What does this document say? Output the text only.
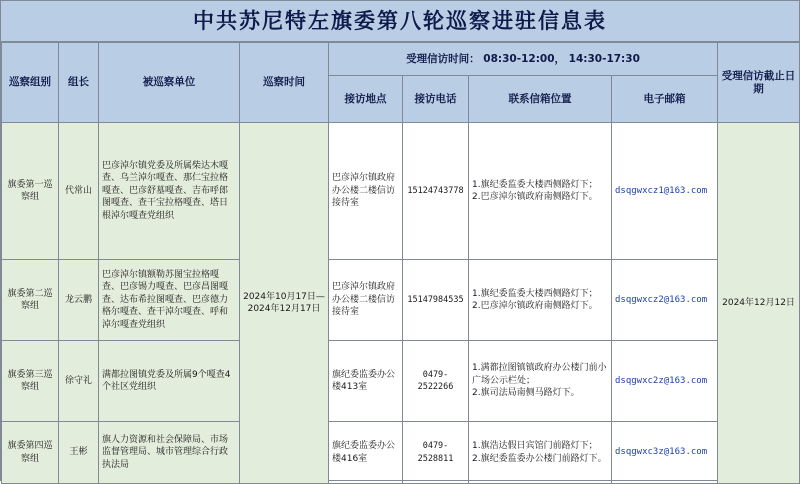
中共苏尼特左旗委第八轮巡察进驻信息表
巡察组别	组长	被巡察单位	巡察时间	受理信访时间： 08:30-12:00， 14:30-17:30				受理信访截止日期
				接访地点	接访电话	联系信箱位置	电子邮箱	
旗委第一巡察组	代常山	巴彦淖尔镇党委及所属柴达木嘎查、乌兰淖尔嘎查、那仁宝拉格嘎查、巴彦舒墓嘎查、吉布呼郎图嘎查、查干宝拉格嘎查、塔日根淖尔嘎查党组织	2024年10月17日—2024年12月17日	巴彦淖尔镇政府办公楼二楼信访接待室	15124743778	1.旗纪委监委大楼西侧路灯下；
2.巴彦淖尔镇政府南侧路灯下。	dsqgwxcz1@163.com	2024年12月12日
旗委第二巡察组	龙云鹏	巴彦淖尔镇额勒苏图宝拉格嘎查、巴彦锡力嘎查、巴彦昌图嘎查、达布希拉图嘎查、巴彦德力格尔嘎查、查干淖尔嘎查、呼和淖尔嘎查党组织		巴彦淖尔镇政府办公楼二楼信访接待室	15147984535	1.旗纪委监委大楼西侧路灯下；
2.巴彦淖尔镇政府南侧路灯下。	dsqgwxcz2@163.com	
旗委第三巡察组	徐守礼	满都拉图镇党委及所属9个嘎查4个社区党组织		旗纪委监委办公楼413室	0479-2522266	1.满都拉图镇镇政府办公楼门前小广场公示栏处；
2.旗司法局南侧马路灯下。	dsqgwxc2z@163.com	
旗委第四巡察组	王彬	旗人力资源和社会保障局、市场监督管理局、城市管理综合行政执法局		旗纪委监委办公楼416室	0479-2528811	1.旗浩达假日宾馆门前路灯下；
2.旗纪委监委办公楼门前路灯下。	dsqgwxc3z@163.com	
